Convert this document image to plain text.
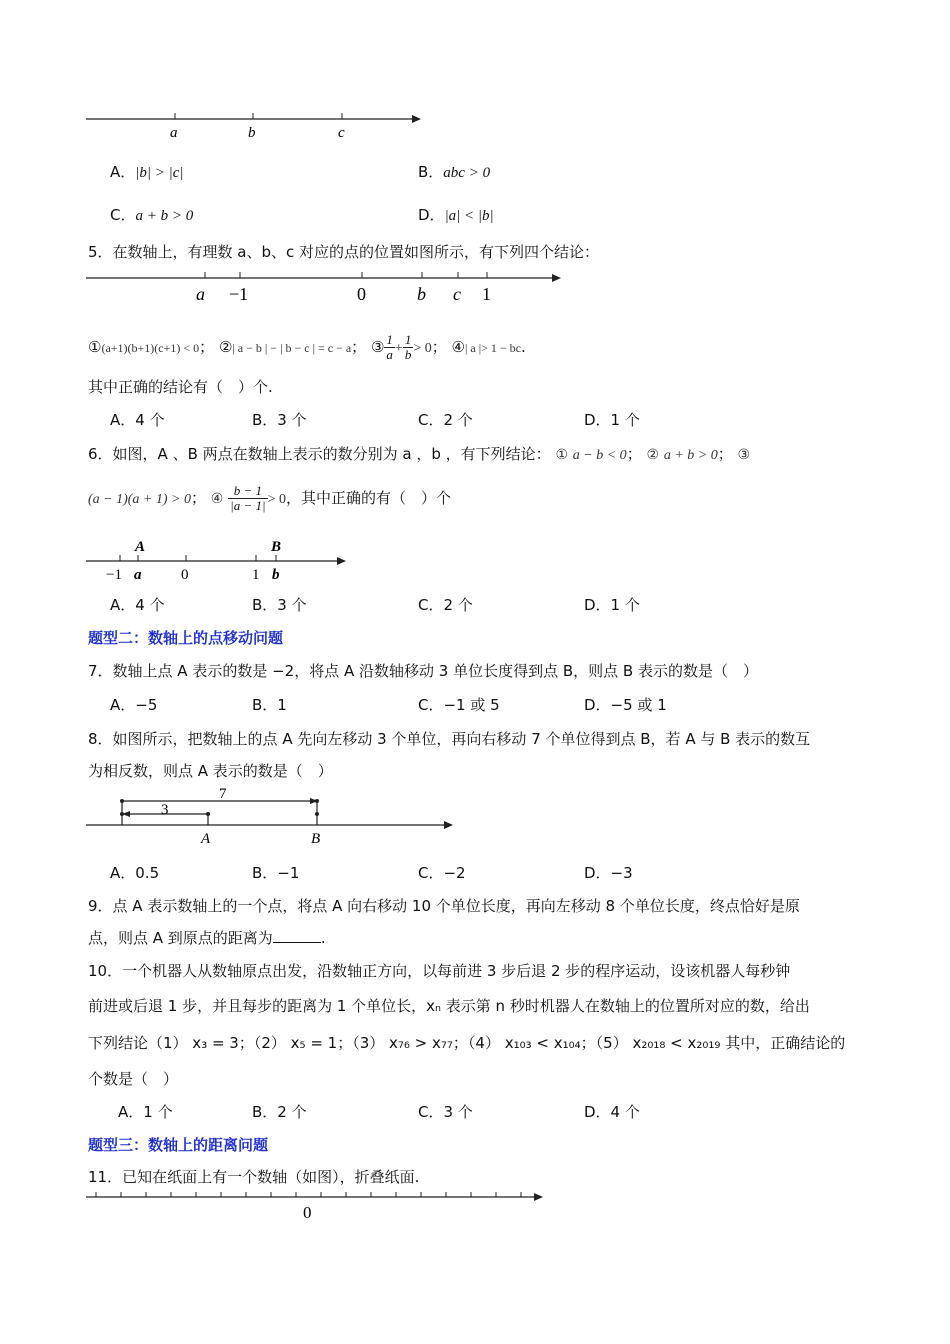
a	b	c
A．|b| > |c|	B．abc > 0
C．a + b > 0	D．|a| < |b|
5．在数轴上，有理数 a、b、c 对应的点的位置如图所示，有下列四个结论：
a −1	0	b c 1
①(a+1)(b+1)(c+1) < 0； ②| a − b | − | b − c | = c − a； ③ $\frac{1}{a} + \frac{1}{b} > 0$； ④| a |> 1 − bc.
其中正确的结论有（　）个.
A．4 个	B．3 个	C．2 个	D．1 个
6．如图，A 、B 两点在数轴上表示的数分别为 a ，b ，有下列结论： ① a − b < 0； ② a + b > 0； ③
(a − 1)(a + 1) > 0； ④ $\frac{b - 1}{|a - 1|} > 0$，其中正确的有（　）个
A	B
−1 a	0	1 b
A．4 个	B．3 个	C．2 个	D．1 个
题型二：数轴上的点移动问题
7．数轴上点 A 表示的数是 −2，将点 A 沿数轴移动 3 单位长度得到点 B，则点 B 表示的数是（　）
A．−5	B．1	C．−1 或 5	D．−5 或 1
8．如图所示，把数轴上的点 A 先向左移动 3 个单位，再向右移动 7 个单位得到点 B，若 A 与 B 表示的数互
为相反数，则点 A 表示的数是（　）
7
3
A	B
A．0.5	B．−1	C．−2	D．−3
9．点 A 表示数轴上的一个点，将点 A 向右移动 10 个单位长度，再向左移动 8 个单位长度，终点恰好是原
点，则点 A 到原点的距离为	.
10．一个机器人从数轴原点出发，沿数轴正方向，以每前进 3 步后退 2 步的程序运动，设该机器人每秒钟
前进或后退 1 步，并且每步的距离为 1 个单位长，xₙ 表示第 n 秒时机器人在数轴上的位置所对应的数，给出
下列结论（1） x₃ = 3；（2） x₅ = 1；（3） x₇₆ > x₇₇；（4） x₁₀₃ < x₁₀₄；（5） x₂₀₁₈ < x₂₀₁₉ 其中，正确结论的
个数是（　）
A．1 个	B．2 个	C．3 个	D．4 个
题型三：数轴上的距离问题
11．已知在纸面上有一个数轴（如图），折叠纸面.
0
